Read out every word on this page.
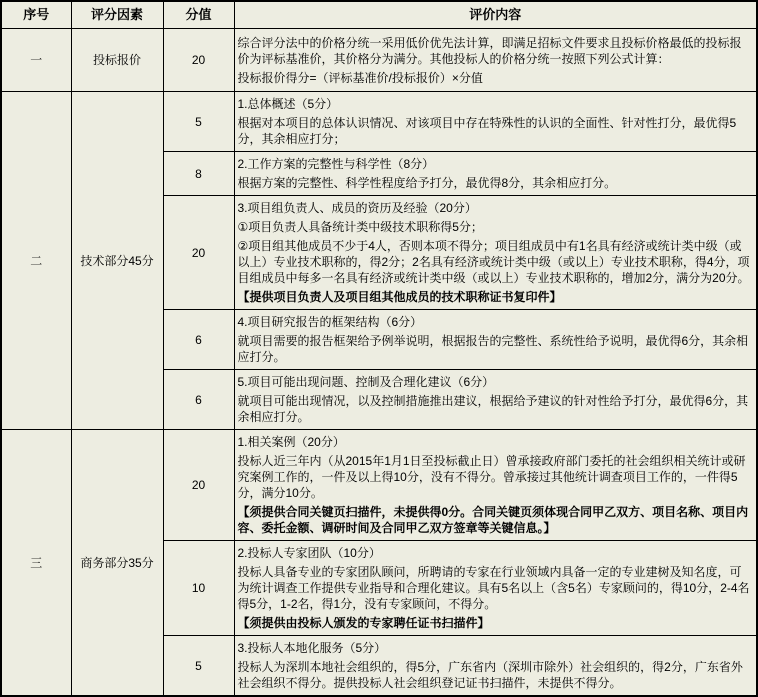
序号	评分因素	分值	评价内容
一	投标报价	20	综合评分法中的价格分统一采用低价优先法计算，即满足招标文件要求且投标价格最低的投标报价为评标基准价，其价格分为满分。其他投标人的价格分统一按照下列公式计算：

投标报价得分=（评标基准价/投标报价）×分值

二	技术部分45分	5	1.总体概述（5分）

根据对本项目的总体认识情况、对该项目中存在特殊性的认识的全面性、针对性打分，最优得5分，其余相应打分；

		8	2.工作方案的完整性与科学性（8分）

根据方案的完整性、科学性程度给予打分，最优得8分，其余相应打分。

		20	3.项目组负责人、成员的资历及经验（20分）

①项目负责人具备统计类中级技术职称得5分；

②项目组其他成员不少于4人，否则本项不得分；项目组成员中有1名具有经济或统计类中级（或以上）专业技术职称的，得2分；2名具有经济或统计类中级（或以上）专业技术职称，得4分，项目组成员中每多一名具有经济或统计类中级（或以上）专业技术职称的，增加2分，满分为20分。

【提供项目负责人及项目组其他成员的技术职称证书复印件】

		6	4.项目研究报告的框架结构（6分）

就项目需要的报告框架给予例举说明，根据报告的完整性、系统性给予说明，最优得6分，其余相应打分。

		6	5.项目可能出现问题、控制及合理化建议（6分）

就项目可能出现情况，以及控制措施推出建议，根据给予建议的针对性给予打分，最优得6分，其余相应打分。

三	商务部分35分	20	1.相关案例（20分）

投标人近三年内（从2015年1月1日至投标截止日）曾承接政府部门委托的社会组织相关统计或研究案例工作的，一件及以上得10分，没有不得分。曾承接过其他统计调查项目工作的，一件得5分，满分10分。

【须提供合同关键页扫描件，未提供得0分。合同关键页须体现合同甲乙双方、项目名称、项目内容、委托金额、调研时间及合同甲乙双方签章等关键信息。】

		10	2.投标人专家团队（10分）

投标人具备专业的专家团队顾问，所聘请的专家在行业领域内具备一定的专业建树及知名度，可为统计调查工作提供专业指导和合理化建议。具有5名以上（含5名）专家顾问的，得10分，2-4名得5分，1-2名，得1分，没有专家顾问，不得分。

【须提供由投标人颁发的专家聘任证书扫描件】

		5	3.投标人本地化服务（5分）

投标人为深圳本地社会组织的，得5分，广东省内（深圳市除外）社会组织的，得2分，广东省外社会组织不得分。提供投标人社会组织登记证书扫描件，未提供不得分。
